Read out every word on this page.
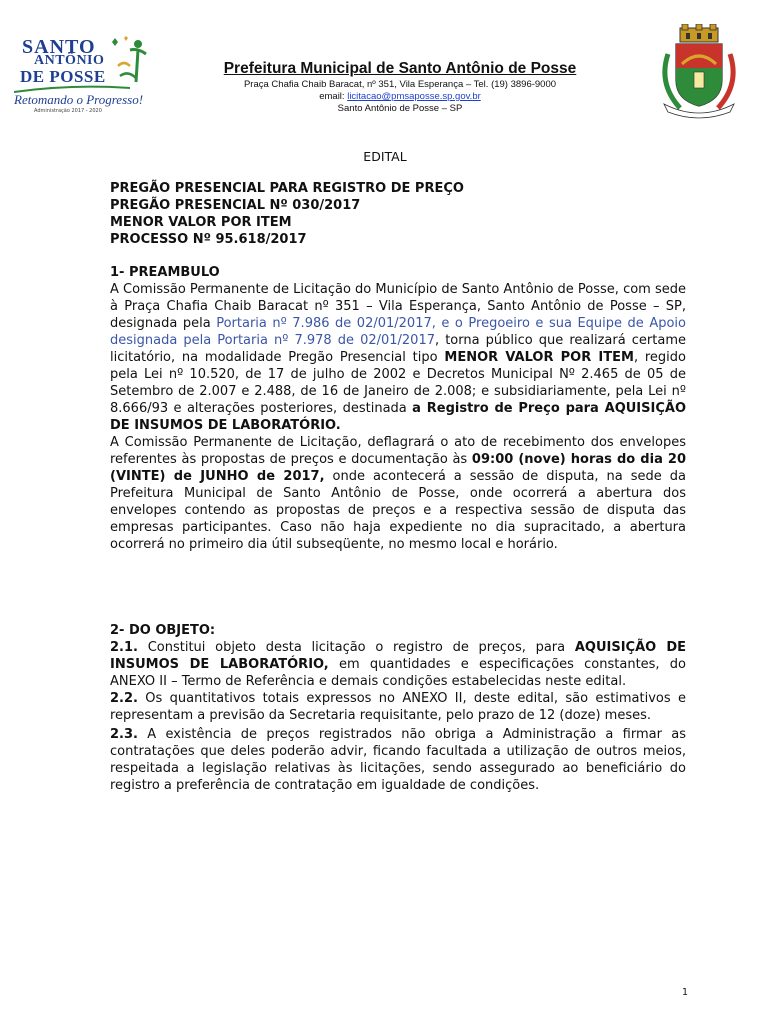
SANTO
ANTÔNIO
DE POSSE
Retomando o Progresso!
Administração 2017 - 2020
Prefeitura Municipal de Santo Antônio de Posse
Praça Chafia Chaib Baracat, nº 351, Vila Esperança – Tel. (19) 3896-9000
email: licitacao@pmsaposse.sp.gov.br
Santo Antônio de Posse – SP
EDITAL
PREGÃO PRESENCIAL PARA REGISTRO DE PREÇO
PREGÃO PRESENCIAL Nº 030/2017
MENOR VALOR POR ITEM
PROCESSO Nº 95.618/2017
1- PREAMBULO
A Comissão Permanente de Licitação do Município de Santo Antônio de Posse, com sede à Praça Chafia Chaib Baracat nº 351 – Vila Esperança, Santo Antônio de Posse – SP, designada pela Portaria nº 7.986 de 02/01/2017, e o Pregoeiro e sua Equipe de Apoio designada pela Portaria nº 7.978 de 02/01/2017, torna público que realizará certame licitatório, na modalidade Pregão Presencial tipo MENOR VALOR POR ITEM, regido pela Lei nº 10.520, de 17 de julho de 2002 e Decretos Municipal Nº 2.465 de 05 de Setembro de 2.007 e 2.488, de 16 de Janeiro de 2.008; e subsidiariamente, pela Lei nº 8.666/93 e alterações posteriores, destinada a Registro de Preço para AQUISIÇÃO DE INSUMOS DE LABORATÓRIO.
A Comissão Permanente de Licitação, deflagrará o ato de recebimento dos envelopes referentes às propostas de preços e documentação às 09:00 (nove) horas do dia 20 (VINTE) de JUNHO de 2017, onde acontecerá a sessão de disputa, na sede da Prefeitura Municipal de Santo Antônio de Posse, onde ocorrerá a abertura dos envelopes contendo as propostas de preços e a respectiva sessão de disputa das empresas participantes. Caso não haja expediente no dia supracitado, a abertura ocorrerá no primeiro dia útil subseqüente, no mesmo local e horário.
2- DO OBJETO:
2.1. Constitui objeto desta licitação o registro de preços, para AQUISIÇÃO DE INSUMOS DE LABORATÓRIO, em quantidades e especificações constantes, do ANEXO II – Termo de Referência e demais condições estabelecidas neste edital.
2.2. Os quantitativos totais expressos no ANEXO II, deste edital, são estimativos e representam a previsão da Secretaria requisitante, pelo prazo de 12 (doze) meses.
2.3. A existência de preços registrados não obriga a Administração a firmar as contratações que deles poderão advir, ficando facultada a utilização de outros meios, respeitada a legislação relativas às licitações, sendo assegurado ao beneficiário do registro a preferência de contratação em igualdade de condições.
1
